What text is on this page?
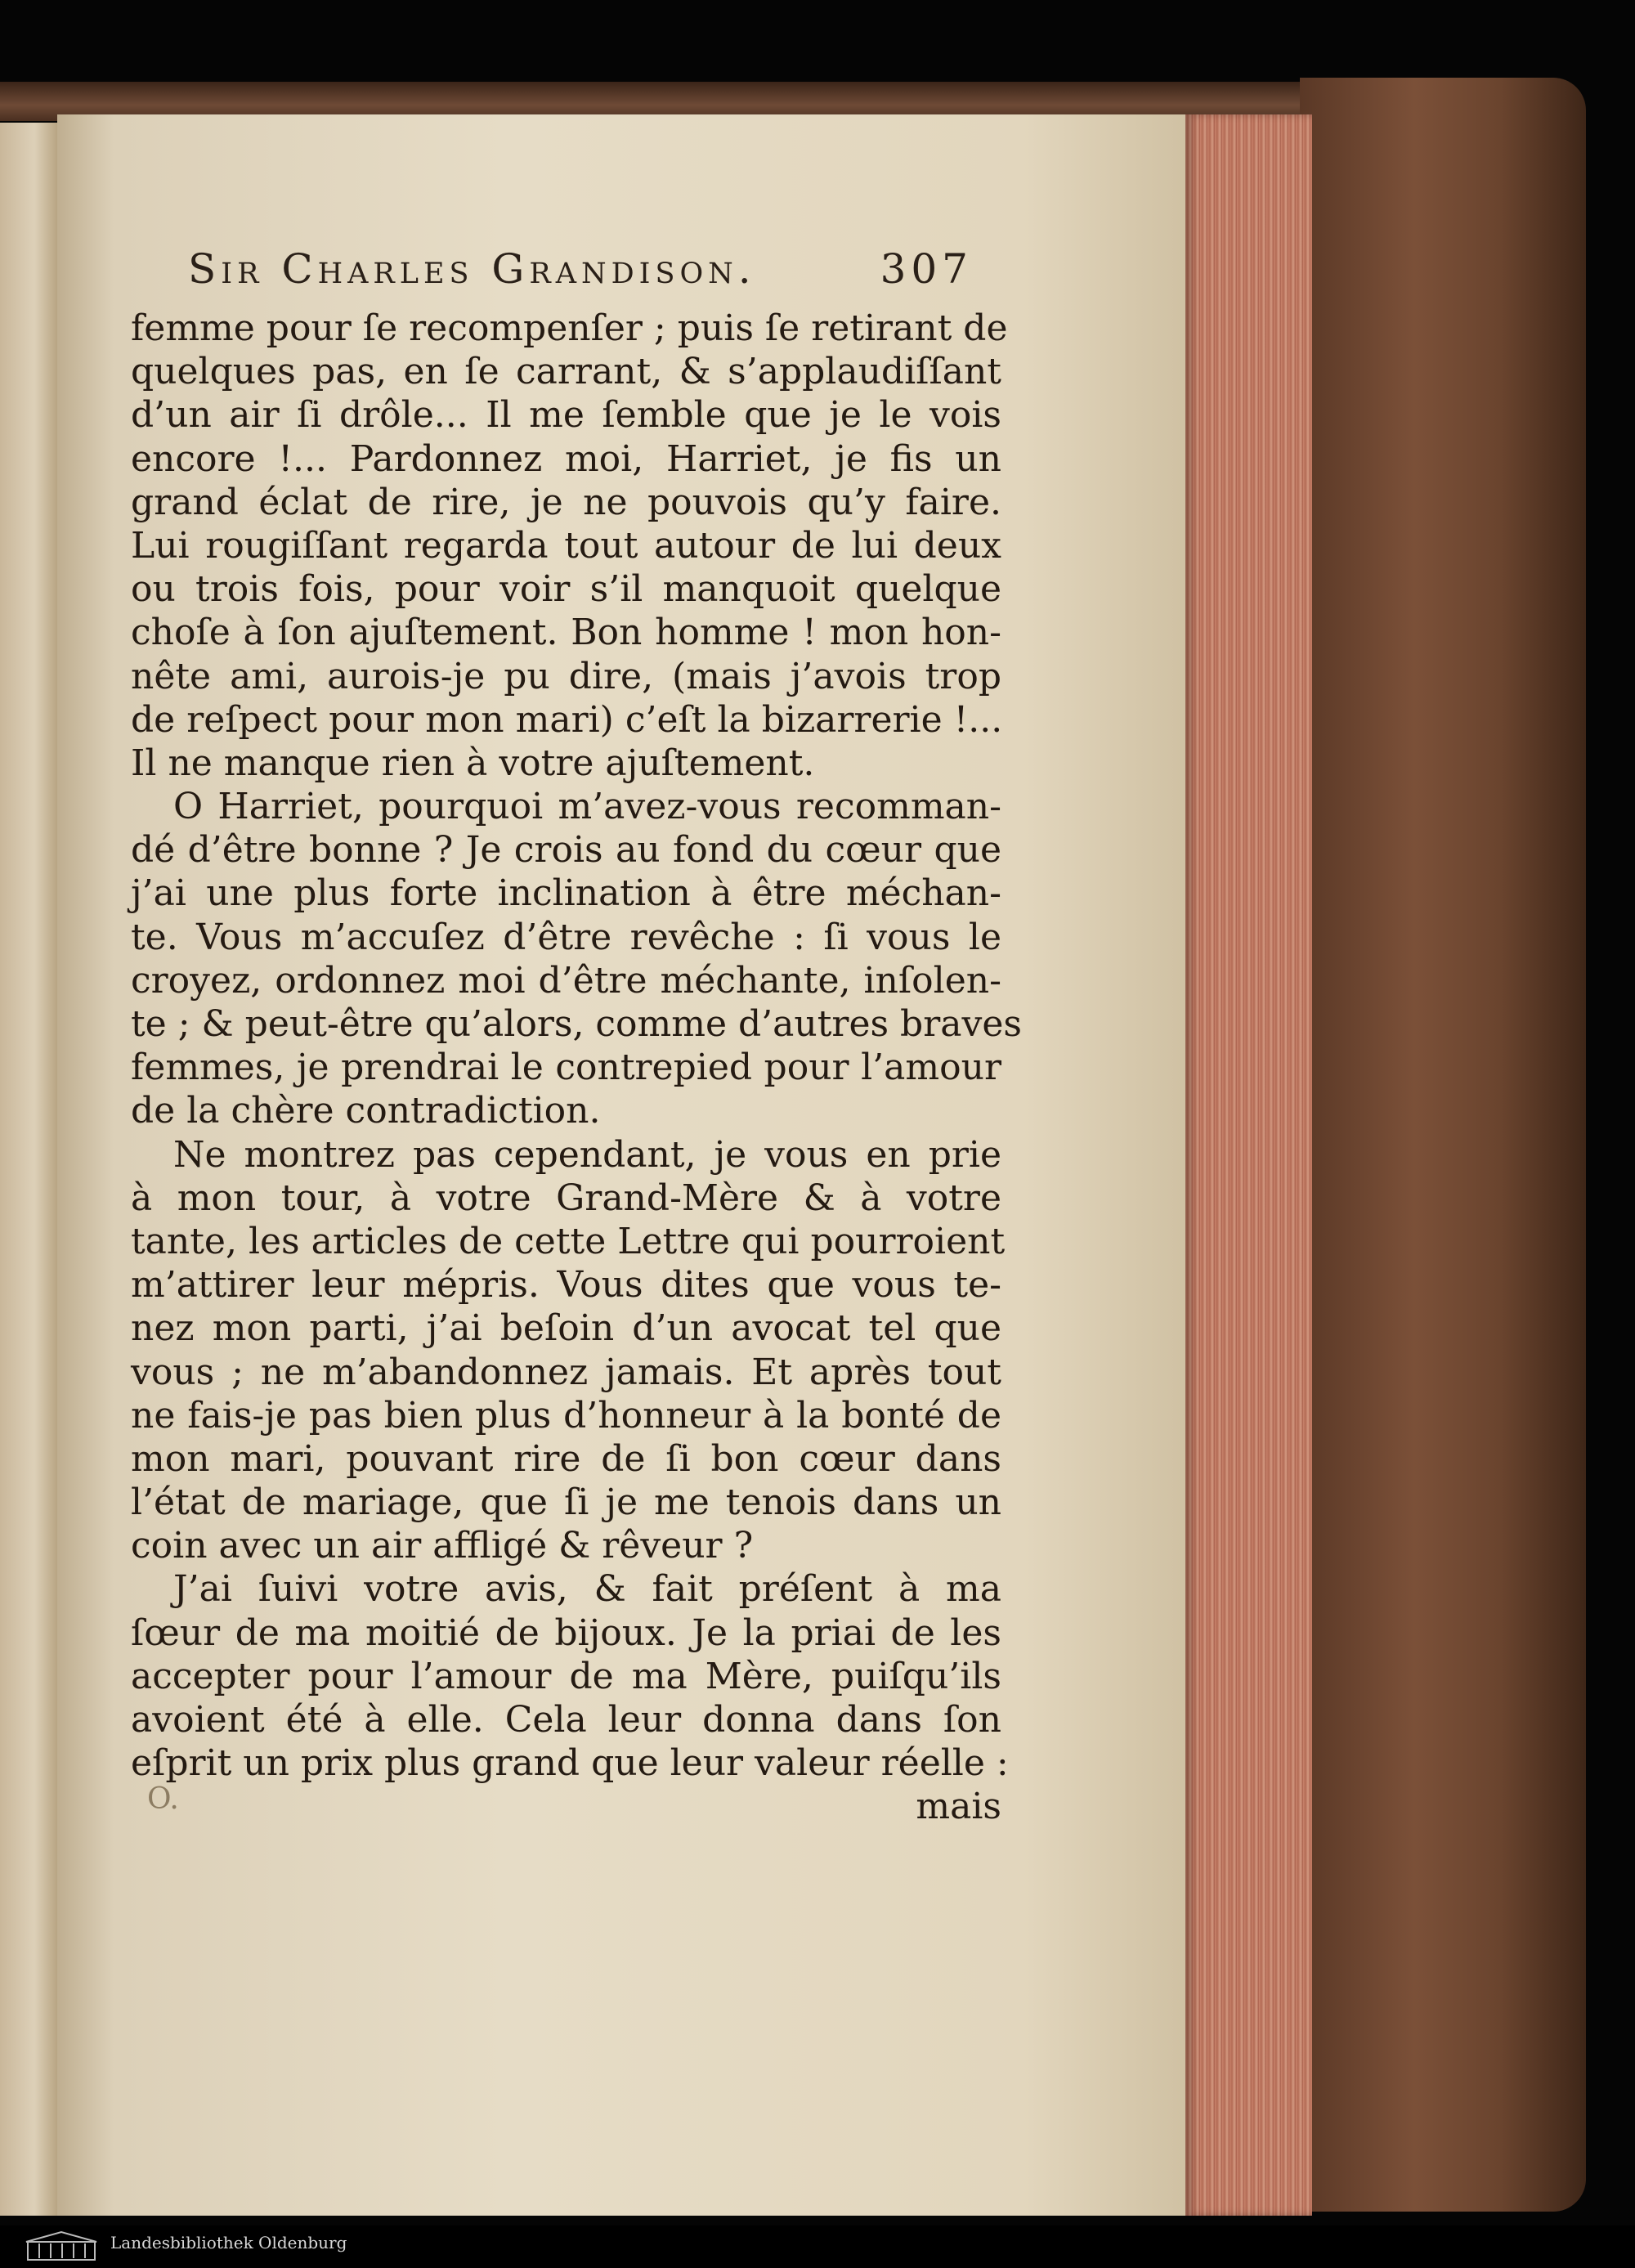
Sir Charles Grandison.	307
femme pour ſe recompenſer ; puis ſe retirant de
quelques pas, en ſe carrant, & s’applaudiſſant
d’un air ſi drôle... Il me ſemble que je le vois
encore !... Pardonnez moi, Harriet, je fis un
grand éclat de rire, je ne pouvois qu’y faire.
Lui rougiſſant regarda tout autour de lui deux
ou trois fois, pour voir s’il manquoit quelque
choſe à ſon ajuſtement. Bon homme ! mon hon-
nête ami, aurois-je pu dire, (mais j’avois trop
de reſpect pour mon mari) c’eſt la bizarrerie !...
Il ne manque rien à votre ajuſtement.
O Harriet, pourquoi m’avez-vous recomman-
dé d’être bonne ? Je crois au fond du cœur que
j’ai une plus forte inclination à être méchan-
te. Vous m’accuſez d’être revêche : ſi vous le
croyez, ordonnez moi d’être méchante, inſolen-
te ; & peut-être qu’alors, comme d’autres braves
femmes, je prendrai le contrepied pour l’amour
de la chère contradiction.
Ne montrez pas cependant, je vous en prie
à mon tour, à votre Grand-Mère & à votre
tante, les articles de cette Lettre qui pourroient
m’attirer leur mépris. Vous dites que vous te-
nez mon parti, j’ai beſoin d’un avocat tel que
vous ; ne m’abandonnez jamais. Et après tout
ne fais-je pas bien plus d’honneur à la bonté de
mon mari, pouvant rire de ſi bon cœur dans
l’état de mariage, que ſi je me tenois dans un
coin avec un air affligé & rêveur ?
J’ai ſuivi votre avis, & fait préſent à ma
ſœur de ma moitié de bijoux. Je la priai de les
accepter pour l’amour de ma Mère, puiſqu’ils
avoient été à elle. Cela leur donna dans ſon
eſprit un prix plus grand que leur valeur réelle :
mais
O.
Landesbibliothek Oldenburg
